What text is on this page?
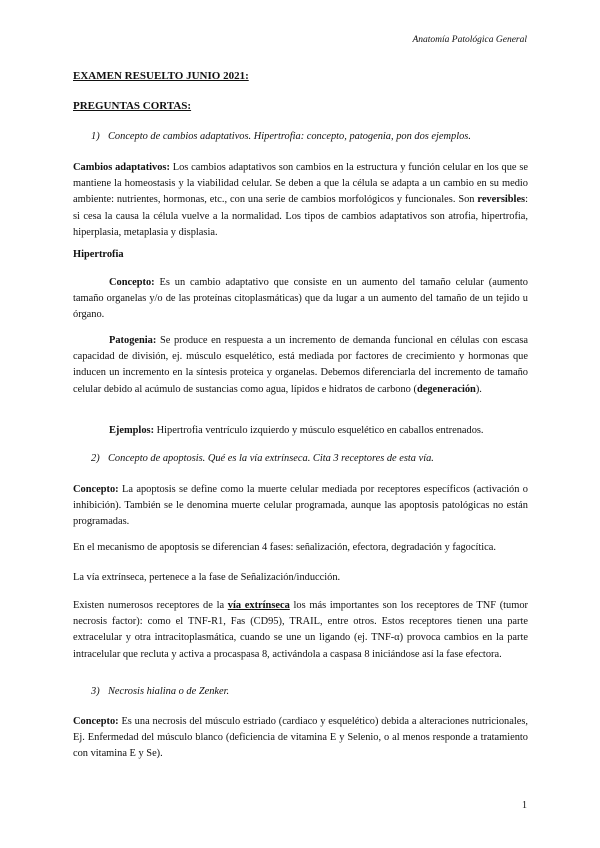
Anatomía Patológica General
EXAMEN RESUELTO JUNIO 2021:
PREGUNTAS CORTAS:
1) Concepto de cambios adaptativos. Hipertrofia: concepto, patogenia, pon dos ejemplos.
Cambios adaptativos: Los cambios adaptativos son cambios en la estructura y función celular en los que se mantiene la homeostasis y la viabilidad celular. Se deben a que la célula se adapta a un cambio en su medio ambiente: nutrientes, hormonas, etc., con una serie de cambios morfológicos y funcionales. Son reversibles: si cesa la causa la célula vuelve a la normalidad. Los tipos de cambios adaptativos son atrofia, hipertrofia, hiperplasia, metaplasia y displasia.
Hipertrofia
Concepto: Es un cambio adaptativo que consiste en un aumento del tamaño celular (aumento tamaño organelas y/o de las proteínas citoplasmáticas) que da lugar a un aumento del tamaño de un tejido u órgano.
Patogenia: Se produce en respuesta a un incremento de demanda funcional en células con escasa capacidad de división, ej. músculo esquelético, está mediada por factores de crecimiento y hormonas que inducen un incremento en la síntesis proteica y organelas. Debemos diferenciarla del incremento de tamaño celular debido al acúmulo de sustancias como agua, lípidos e hidratos de carbono (degeneración).
Ejemplos: Hipertrofia ventrículo izquierdo y músculo esquelético en caballos entrenados.
2) Concepto de apoptosis. Qué es la vía extrínseca. Cita 3 receptores de esta vía.
Concepto: La apoptosis se define como la muerte celular mediada por receptores específicos (activación o inhibición). También se le denomina muerte celular programada, aunque las apoptosis patológicas no están programadas.
En el mecanismo de apoptosis se diferencian 4 fases: señalización, efectora, degradación y fagocítica.
La vía extrínseca, pertenece a la fase de Señalización/inducción.
Existen numerosos receptores de la vía extrínseca los más importantes son los receptores de TNF (tumor necrosis factor): como el TNF-R1, Fas (CD95), TRAIL, entre otros. Estos receptores tienen una parte extracelular y otra intracitoplasmática, cuando se une un ligando (ej. TNF-α) provoca cambios en la parte intracelular que recluta y activa a procaspasa 8, activándola a caspasa 8 iniciándose así la fase efectora.
3) Necrosis hialina o de Zenker.
Concepto: Es una necrosis del músculo estriado (cardiaco y esquelético) debida a alteraciones nutricionales, Ej. Enfermedad del músculo blanco (deficiencia de vitamina E y Selenio, o al menos responde a tratamiento con vitamina E y Se).
1
